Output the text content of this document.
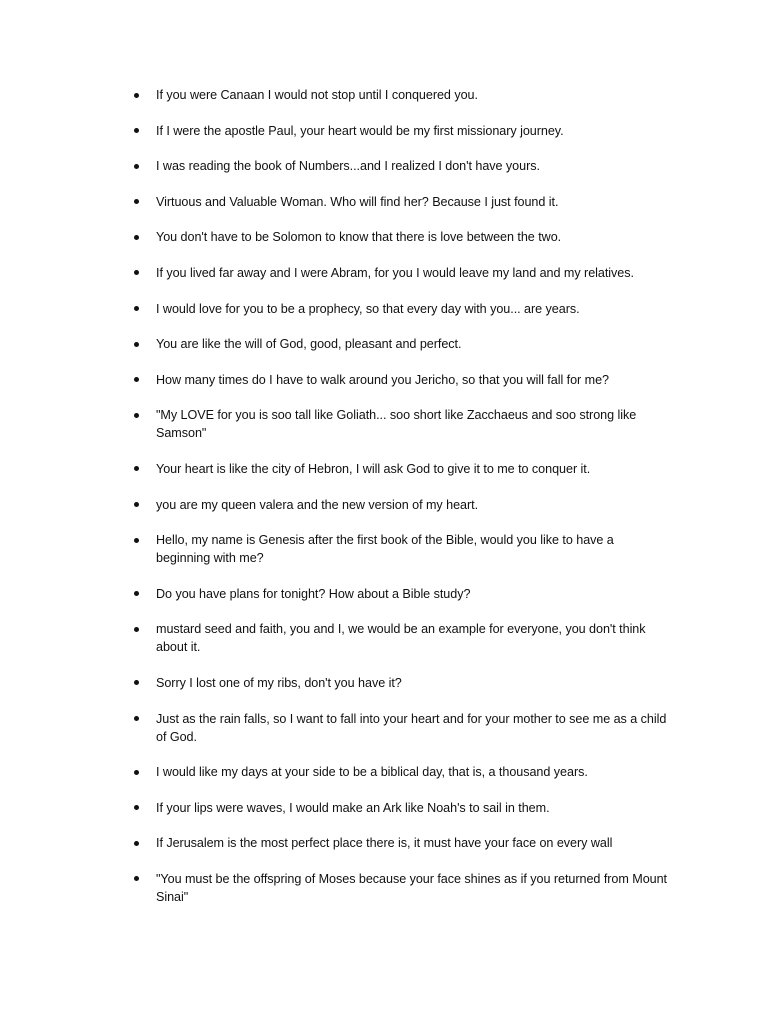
If you were Canaan I would not stop until I conquered you.
If I were the apostle Paul, your heart would be my first missionary journey.
I was reading the book of Numbers...and I realized I don't have yours.
Virtuous and Valuable Woman. Who will find her? Because I just found it.
You don't have to be Solomon to know that there is love between the two.
If you lived far away and I were Abram, for you I would leave my land and my relatives.
I would love for you to be a prophecy, so that every day with you... are years.
You are like the will of God, good, pleasant and perfect.
How many times do I have to walk around you Jericho, so that you will fall for me?
"My LOVE for you is soo tall like Goliath... soo short like Zacchaeus and soo strong like Samson"
Your heart is like the city of Hebron, I will ask God to give it to me to conquer it.
you are my queen valera and the new version of my heart.
Hello, my name is Genesis after the first book of the Bible, would you like to have a beginning with me?
Do you have plans for tonight? How about a Bible study?
mustard seed and faith, you and I, we would be an example for everyone, you don't think about it.
Sorry I lost one of my ribs, don't you have it?
Just as the rain falls, so I want to fall into your heart and for your mother to see me as a child of God.
I would like my days at your side to be a biblical day, that is, a thousand years.
If your lips were waves, I would make an Ark like Noah's to sail in them.
If Jerusalem is the most perfect place there is, it must have your face on every wall
"You must be the offspring of Moses because your face shines as if you returned from Mount Sinai"
